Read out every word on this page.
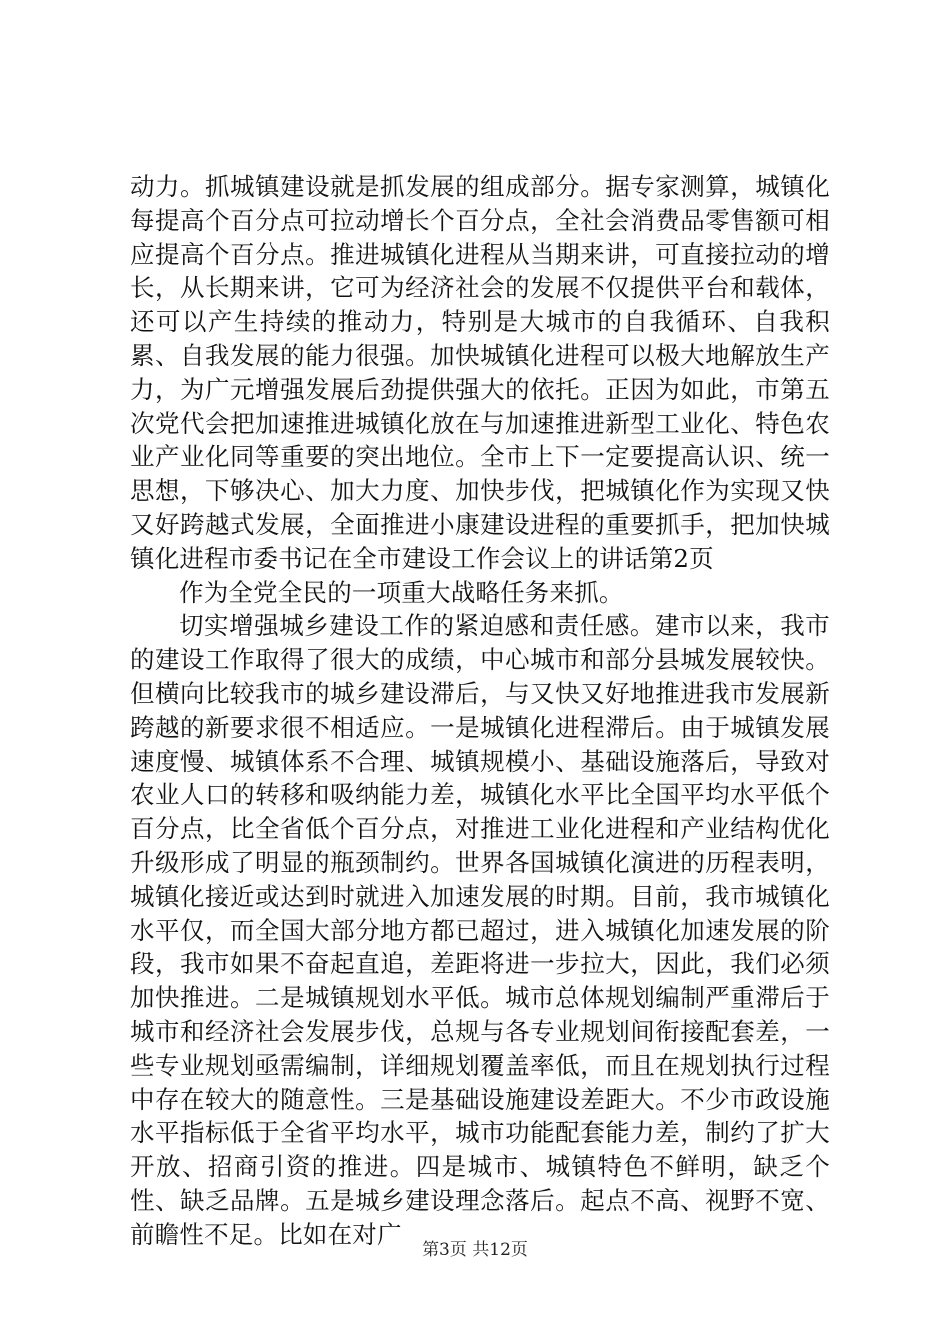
动力。抓城镇建设就是抓发展的组成部分。据专家测算，城镇化每提高个百分点可拉动增长个百分点，全社会消费品零售额可相应提高个百分点。推进城镇化进程从当期来讲，可直接拉动的增长，从长期来讲，它可为经济社会的发展不仅提供平台和载体，还可以产生持续的推动力，特别是大城市的自我循环、自我积累、自我发展的能力很强。加快城镇化进程可以极大地解放生产力，为广元增强发展后劲提供强大的依托。正因为如此，市第五次党代会把加速推进城镇化放在与加速推进新型工业化、特色农业产业化同等重要的突出地位。全市上下一定要提高认识、统一思想，下够决心、加大力度、加快步伐，把城镇化作为实现又快又好跨越式发展，全面推进小康建设进程的重要抓手，把加快城镇化进程市委书记在全市建设工作会议上的讲话第2页

作为全党全民的一项重大战略任务来抓。

切实增强城乡建设工作的紧迫感和责任感。建市以来，我市的建设工作取得了很大的成绩，中心城市和部分县城发展较快。但横向比较我市的城乡建设滞后，与又快又好地推进我市发展新跨越的新要求很不相适应。一是城镇化进程滞后。由于城镇发展速度慢、城镇体系不合理、城镇规模小、基础设施落后，导致对农业人口的转移和吸纳能力差，城镇化水平比全国平均水平低个百分点，比全省低个百分点，对推进工业化进程和产业结构优化升级形成了明显的瓶颈制约。世界各国城镇化演进的历程表明，城镇化接近或达到时就进入加速发展的时期。目前，我市城镇化水平仅，而全国大部分地方都已超过，进入城镇化加速发展的阶段，我市如果不奋起直追，差距将进一步拉大，因此，我们必须加快推进。二是城镇规划水平低。城市总体规划编制严重滞后于城市和经济社会发展步伐，总规与各专业规划间衔接配套差，一些专业规划亟需编制，详细规划覆盖率低，而且在规划执行过程中存在较大的随意性。三是基础设施建设差距大。不少市政设施水平指标低于全省平均水平，城市功能配套能力差，制约了扩大开放、招商引资的推进。四是城市、城镇特色不鲜明，缺乏个性、缺乏品牌。五是城乡建设理念落后。起点不高、视野不宽、前瞻性不足。比如在对广

第3页 共12页
